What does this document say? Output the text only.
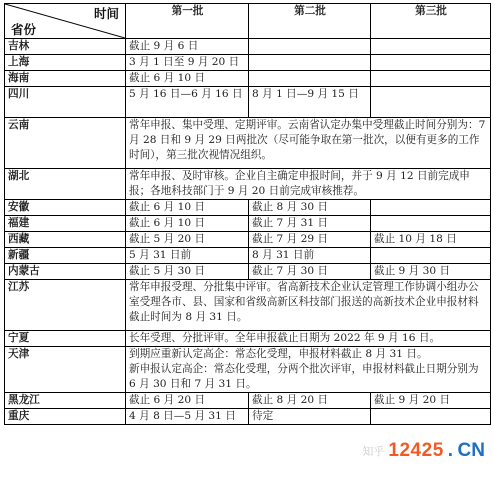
时间
省份	第一批	第二批	第三批
吉林	截止 9 月 6 日		
上海	3 月 1 日至 9 月 20 日		
海南	截止 6 月 10 日		
四川	5 月 16 日—6 月 16 日	8 月 1 日—9 月 15 日	
云南	常年申报、集中受理、定期评审。云南省认定办集中受理截止时间分别为：7 月 28 日和 9 月 29 日两批次（尽可能争取在第一批次，以便有更多的工作时间），第三批次视情况组织。		
湖北	常年申报、及时审核。企业自主确定申报时间，并于 9 月 12 日前完成申报；各地科技部门于 9 月 20 日前完成审核推荐。		
安徽	截止 6 月 10 日	截止 8 月 30 日	
福建	截止 6 月 10 日	截止 7 月 31 日	
西藏	截止 5 月 20 日	截止 7 月 29 日	截止 10 月 18 日
新疆	5 月 31 日前	8 月 31 日前	
内蒙古	截止 5 月 30 日	截止 7 月 30 日	截止 9 月 30 日
江苏	常年申报受理、分批集中评审。省高新技术企业认定管理工作协调小组办公室受理各市、县、国家和省级高新区科技部门报送的高新技术企业申报材料截止时间为 8 月 31 日。		
宁夏	长年受理、分批评审。全年申报截止日期为 2022 年 9 月 16 日。		
天津	到期应重新认定高企：常态化受理，申报材料截止 8 月 31 日。
新申报认定高企：常态化受理，分两个批次评审，申报材料截止日期分别为 6 月 30 日和 7 月 31 日。		

黑龙江	截止 6 月 20 日	截止 8 月 20 日	截止 9 月 20 日
重庆	4 月 8 日—5 月 31 日	待定	
知乎 12425 . CN
